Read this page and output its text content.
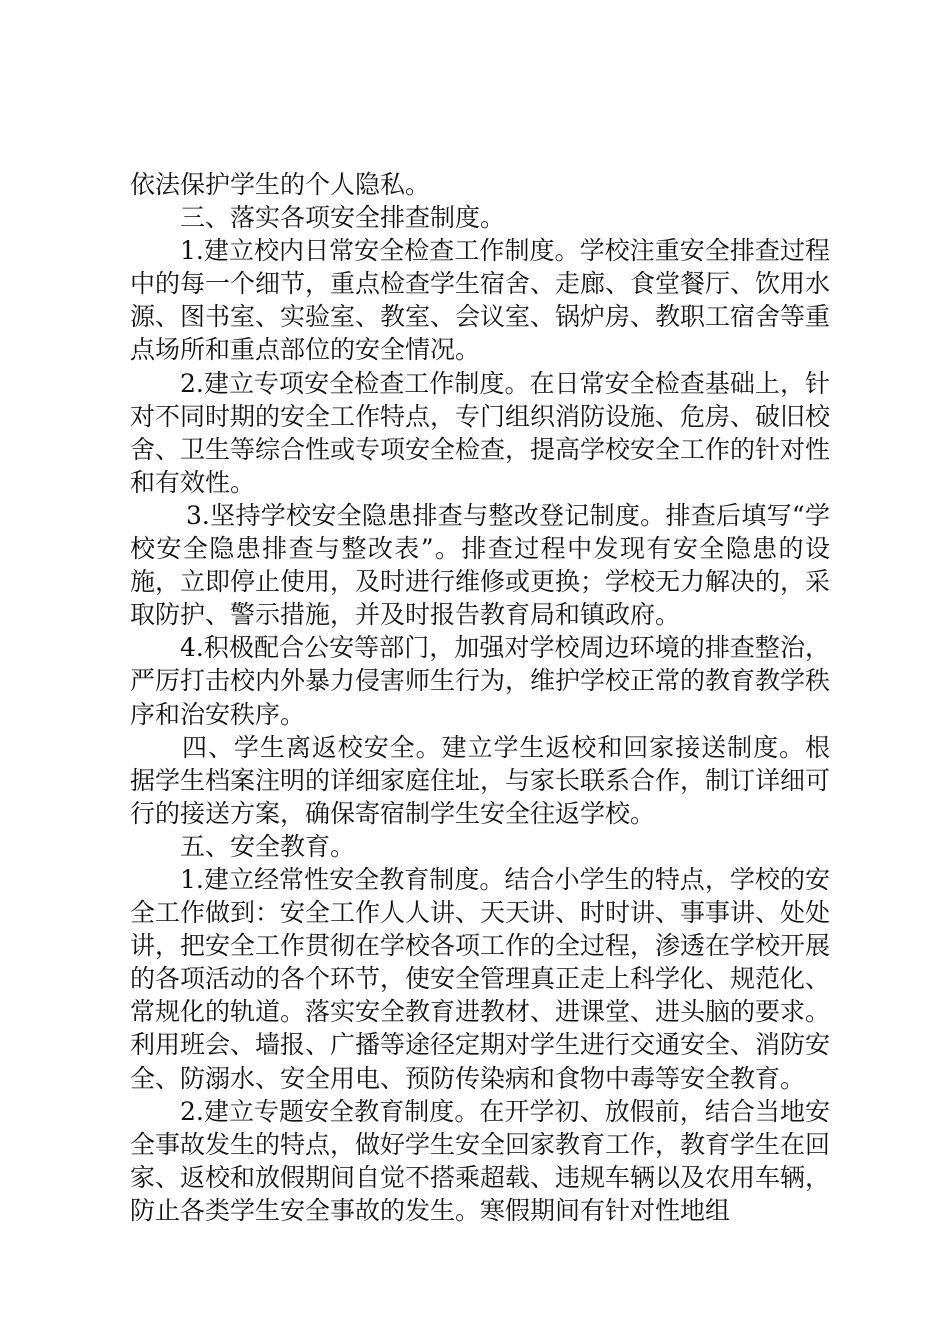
依法保护学生的个人隐私。

三、落实各项安全排查制度。

1.建立校内日常安全检查工作制度。学校注重安全排查过程中的每一个细节，重点检查学生宿舍、走廊、食堂餐厅、饮用水源、图书室、实验室、教室、会议室、锅炉房、教职工宿舍等重点场所和重点部位的安全情况。

2.建立专项安全检查工作制度。在日常安全检查基础上，针对不同时期的安全工作特点，专门组织消防设施、危房、破旧校舍、卫生等综合性或专项安全检查，提高学校安全工作的针对性和有效性。

3.坚持学校安全隐患排查与整改登记制度。排查后填写“学校安全隐患排查与整改表”。排查过程中发现有安全隐患的设施，立即停止使用，及时进行维修或更换；学校无力解决的，采取防护、警示措施，并及时报告教育局和镇政府。

4.积极配合公安等部门，加强对学校周边环境的排查整治，严厉打击校内外暴力侵害师生行为，维护学校正常的教育教学秩序和治安秩序。

四、学生离返校安全。建立学生返校和回家接送制度。根据学生档案注明的详细家庭住址，与家长联系合作，制订详细可行的接送方案，确保寄宿制学生安全往返学校。

五、安全教育。

1.建立经常性安全教育制度。结合小学生的特点，学校的安全工作做到：安全工作人人讲、天天讲、时时讲、事事讲、处处讲，把安全工作贯彻在学校各项工作的全过程，渗透在学校开展的各项活动的各个环节，使安全管理真正走上科学化、规范化、常规化的轨道。落实安全教育进教材、进课堂、进头脑的要求。利用班会、墙报、广播等途径定期对学生进行交通安全、消防安全、防溺水、安全用电、预防传染病和食物中毒等安全教育。

2.建立专题安全教育制度。在开学初、放假前，结合当地安全事故发生的特点，做好学生安全回家教育工作，教育学生在回家、返校和放假期间自觉不搭乘超载、违规车辆以及农用车辆，防止各类学生安全事故的发生。寒假期间有针对性地组
